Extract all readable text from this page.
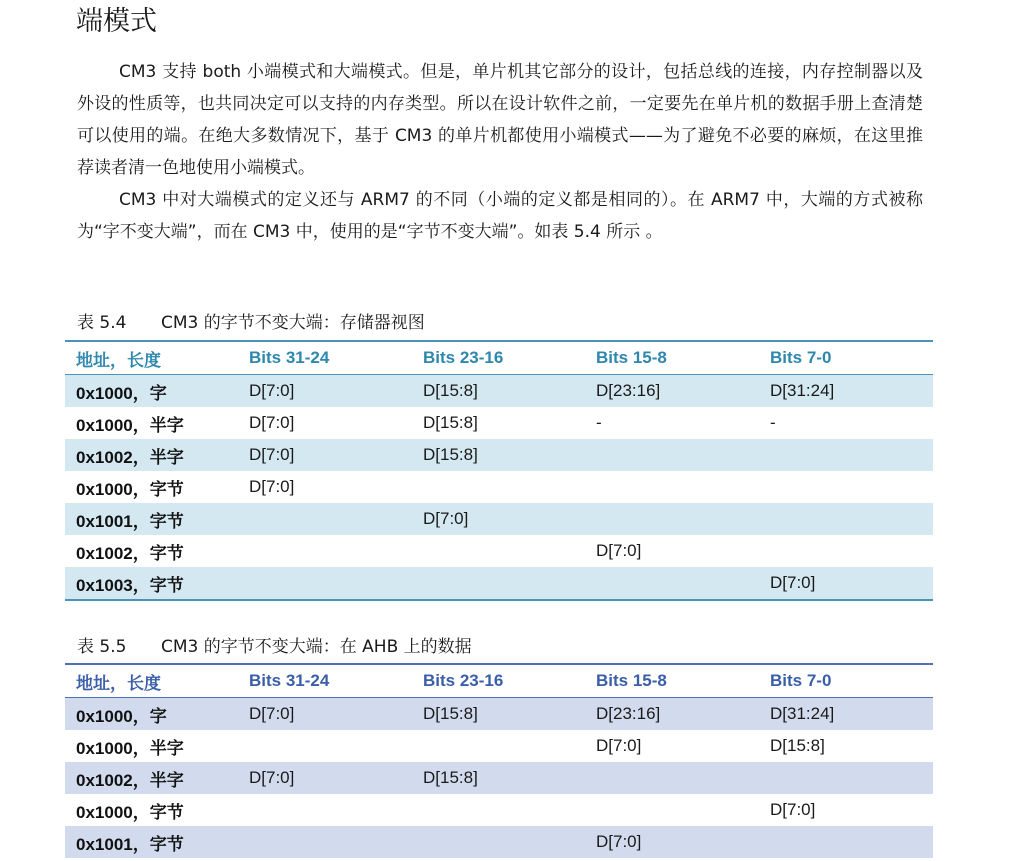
端模式

CM3 支持 both 小端模式和大端模式。但是，单片机其它部分的设计，包括总线的连接，内存控制器以及外设的性质等，也共同决定可以支持的内存类型。所以在设计软件之前，一定要先在单片机的数据手册上查清楚可以使用的端。在绝大多数情况下，基于 CM3 的单片机都使用小端模式——为了避免不必要的麻烦，在这里推荐读者清一色地使用小端模式。

CM3 中对大端模式的定义还与 ARM7 的不同（小端的定义都是相同的）。在 ARM7 中，大端的方式被称为“字不变大端”，而在 CM3 中，使用的是“字节不变大端”。如表 5.4 所示 。

表 5.4 CM3 的字节不变大端：存储器视图
地址，长度	Bits 31-24	Bits 23-16	Bits 15-8	Bits 7-0
0x1000，字	D[7:0]	D[15:8]	D[23:16]	D[31:24]
0x1000，半字	D[7:0]	D[15:8]	-	-
0x1002，半字	D[7:0]	D[15:8]		
0x1000，字节	D[7:0]			
0x1001，字节		D[7:0]		
0x1002，字节			D[7:0]	
0x1003，字节				D[7:0]
表 5.5 CM3 的字节不变大端：在 AHB 上的数据
地址，长度	Bits 31-24	Bits 23-16	Bits 15-8	Bits 7-0
0x1000，字	D[7:0]	D[15:8]	D[23:16]	D[31:24]
0x1000，半字			D[7:0]	D[15:8]
0x1002，半字	D[7:0]	D[15:8]		
0x1000，字节				D[7:0]
0x1001，字节			D[7:0]	
